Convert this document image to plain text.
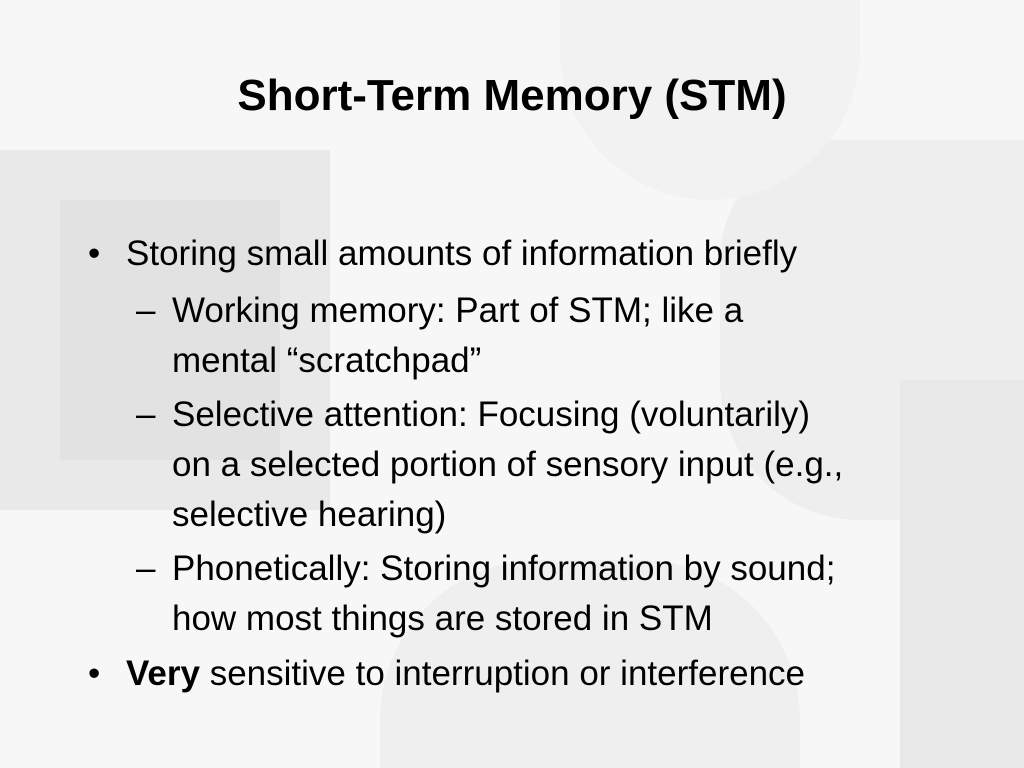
Short-Term Memory (STM)
• Storing small amounts of information briefly
– Working memory: Part of STM; like a
mental “scratchpad”
– Selective attention: Focusing (voluntarily)
on a selected portion of sensory input (e.g.,
selective hearing)
– Phonetically: Storing information by sound;
how most things are stored in STM
• Very sensitive to interruption or interference
